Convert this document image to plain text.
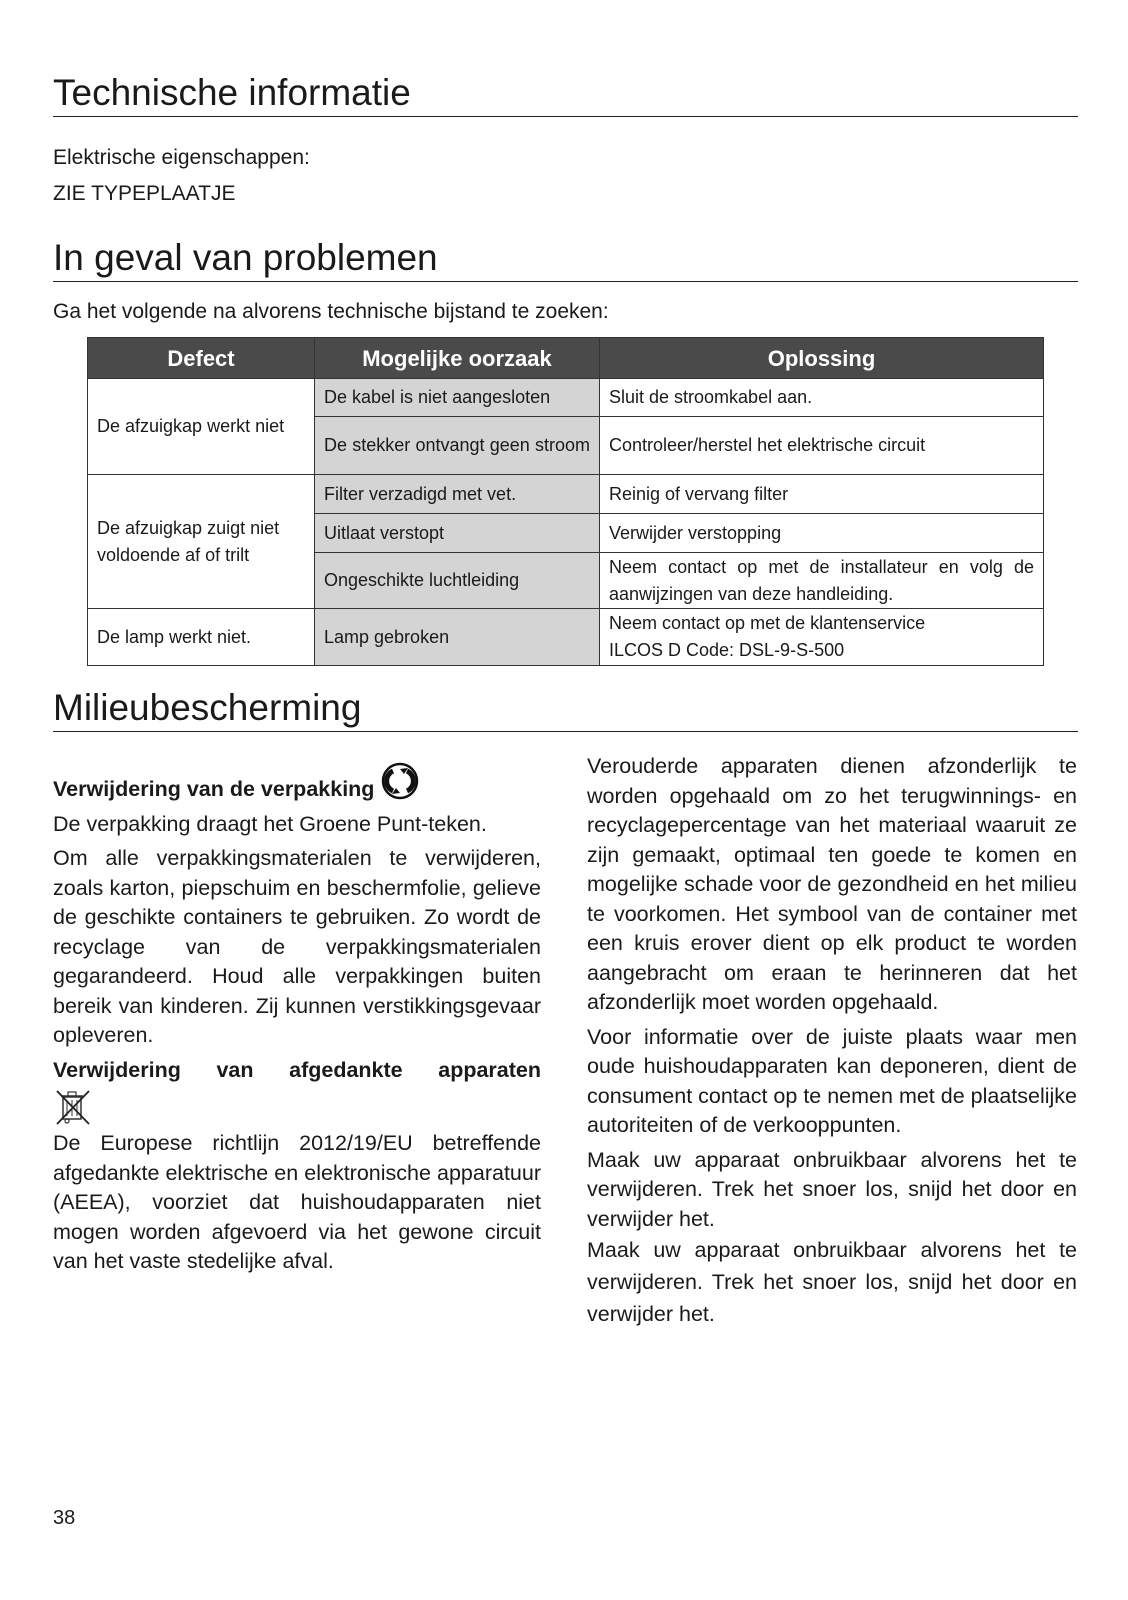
Technische informatie

Elektrische eigenschappen:

ZIE TYPEPLAATJE

In geval van problemen

Ga het volgende na alvorens technische bijstand te zoeken:

Defect	Mogelijke oorzaak	Oplossing
De afzuigkap werkt niet	De kabel is niet aangesloten	Sluit de stroomkabel aan.
	De stekker ontvangt geen stroom	Controleer/herstel het elektrische circuit
De afzuigkap zuigt niet voldoende af of trilt	Filter verzadigd met vet.	Reinig of vervang filter
	Uitlaat verstopt	Verwijder verstopping
	Ongeschikte luchtleiding	Neem contact op met de installateur en volg de aanwijzingen van deze handleiding.
De lamp werkt niet.	Lamp gebroken	Neem contact op met de klantenservice
ILCOS D Code: DSL-9-S-500
Milieubescherming

Verwijdering van de verpakking

De verpakking draagt het Groene Punt-teken.

Om alle verpakkingsmaterialen te verwijderen, zoals karton, piepschuim en beschermfolie, gelieve de geschikte containers te gebruiken. Zo wordt de recyclage van de verpakkingsmaterialen gegarandeerd. Houd alle verpakkingen buiten bereik van kinderen. Zij kunnen verstikkingsgevaar opleveren.

Verwijdering van afgedankte apparaten

De Europese richtlijn 2012/19/EU betreffende afgedankte elektrische en elektronische apparatuur (AEEA), voorziet dat huishoudapparaten niet mogen worden afgevoerd via het gewone circuit van het vaste stedelijke afval.

Verouderde apparaten dienen afzonderlijk te worden opgehaald om zo het terugwinnings- en recyclagepercentage van het materiaal waaruit ze zijn gemaakt, optimaal ten goede te komen en mogelijke schade voor de gezondheid en het milieu te voorkomen. Het symbool van de container met een kruis erover dient op elk product te worden aangebracht om eraan te herinneren dat het afzonderlijk moet worden opgehaald.

Voor informatie over de juiste plaats waar men oude huishoudapparaten kan deponeren, dient de consument contact op te nemen met de plaatselijke autoriteiten of de verkooppunten.

Maak uw apparaat onbruikbaar alvorens het te verwijderen. Trek het snoer los, snijd het door en verwijder het.

Maak uw apparaat onbruikbaar alvorens het te verwijderen. Trek het snoer los, snijd het door en verwijder het.

38
